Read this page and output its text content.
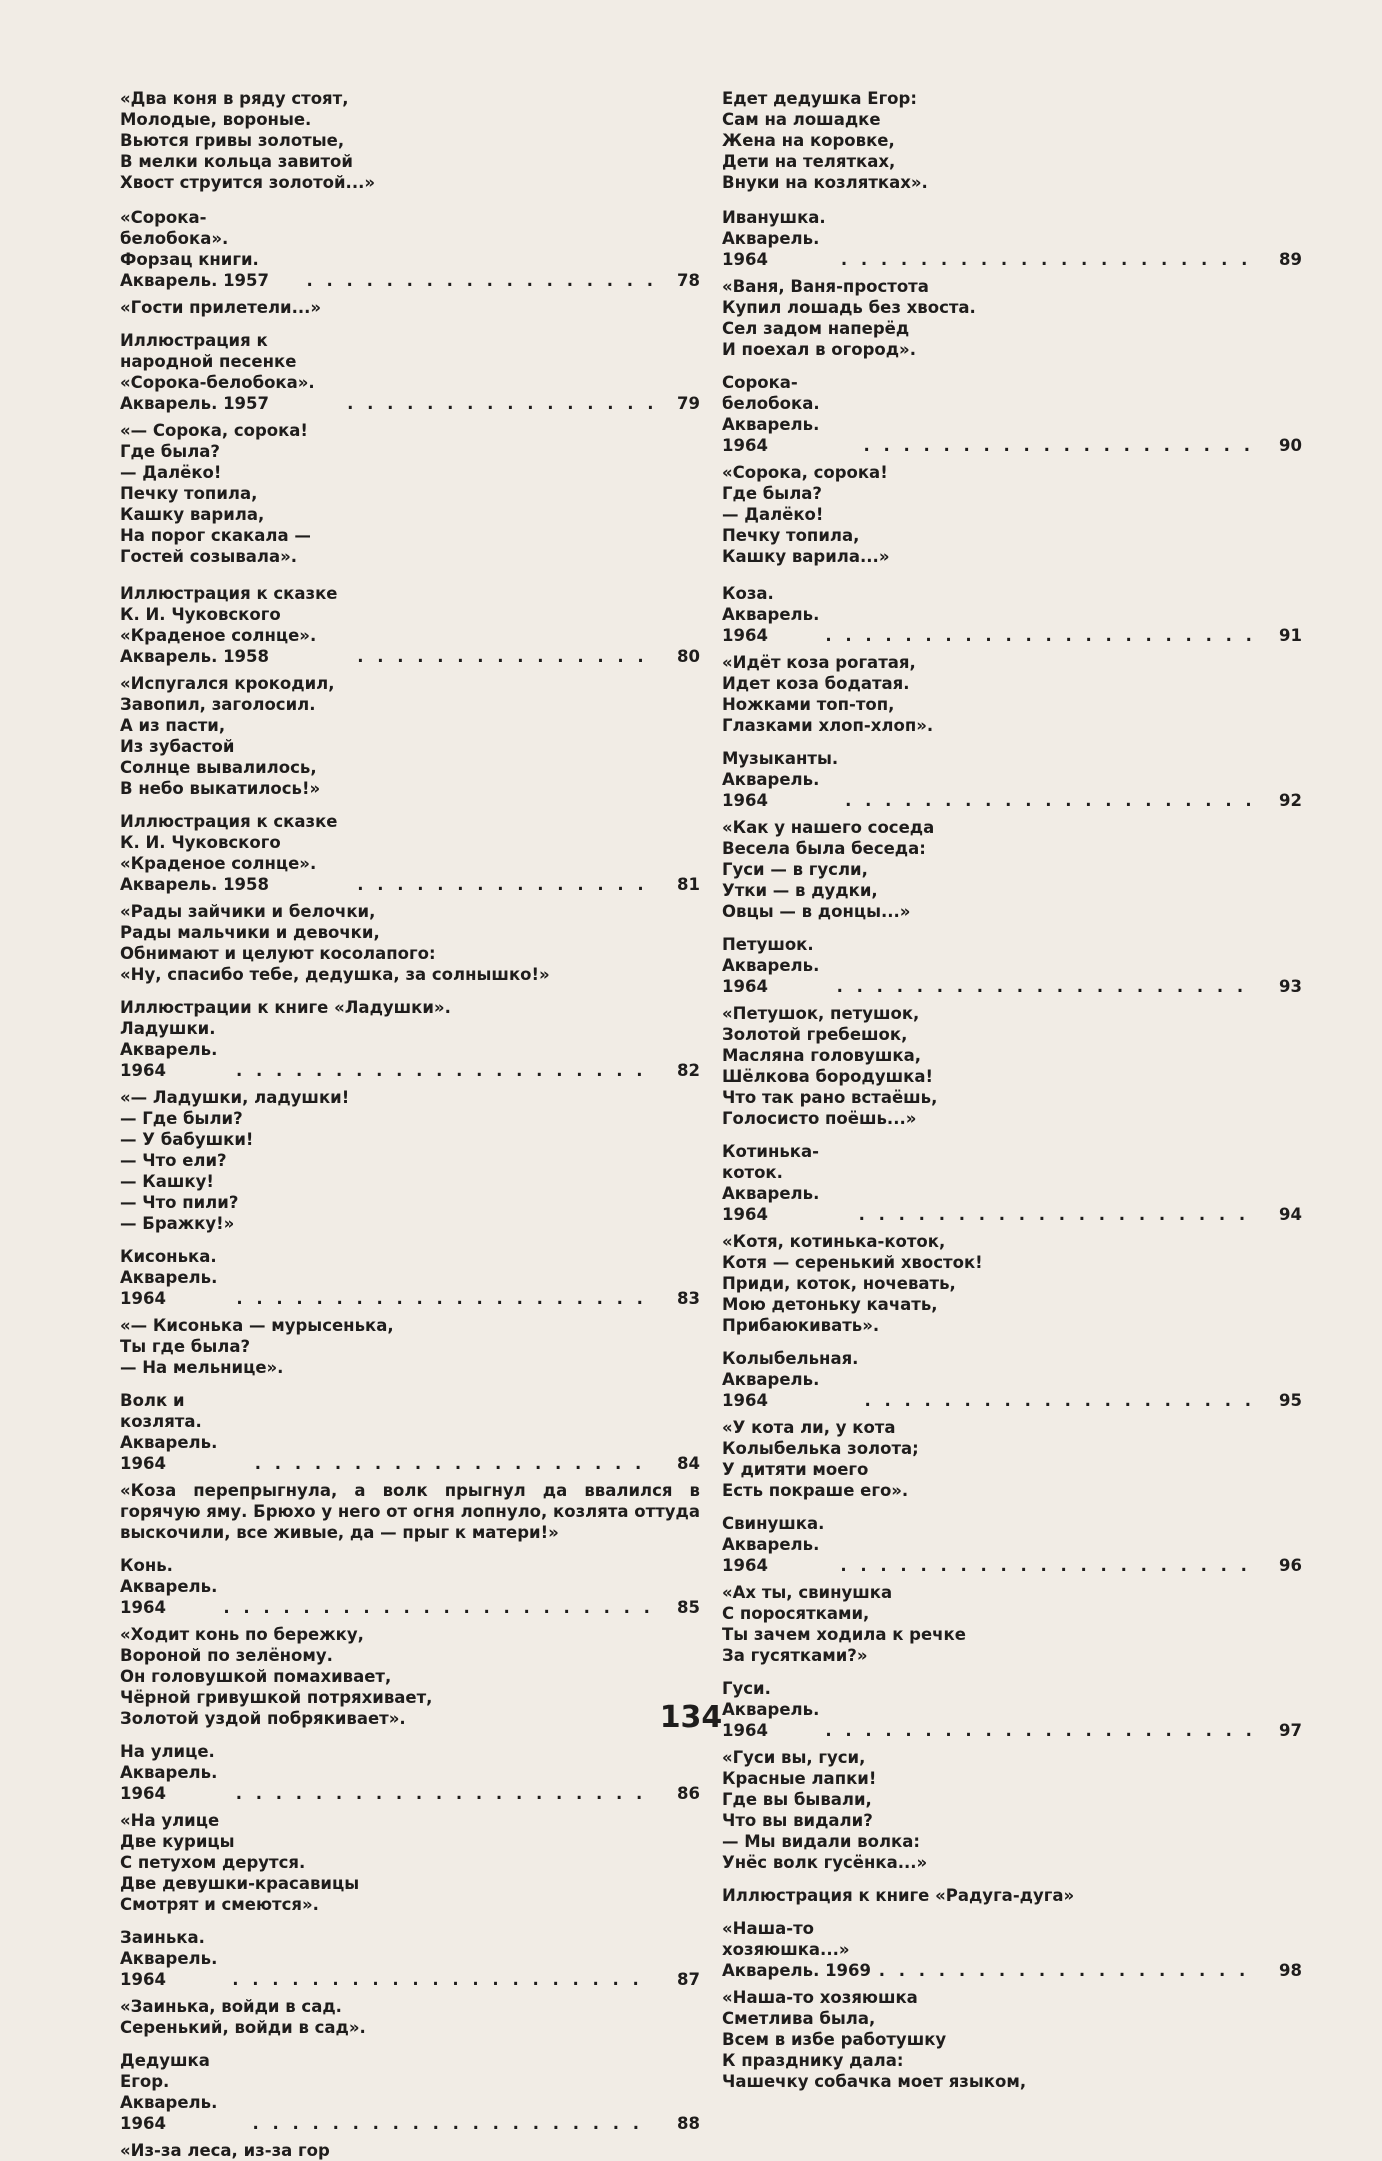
«Два коня в ряду стоят,
Молодые, вороные.
Вьются гривы золотые,
В мелки кольца завитой
Хвост струится золотой...»
«Сорока-белобока». Форзац книги. Акварель. 1957 . . .	78
«Гости прилетели...»
Иллюстрация к народной песенке «Сорока-белобока». Акварель. 1957 . . .	79
«— Сорока, сорока!
Где была?
— Далёко!
Печку топила,
Кашку варила,
На порог скакала —
Гостей созывала».
Иллюстрация к сказке К. И. Чуковского «Краденое солнце». Акварель. 1958 . . .	80
«Испугался крокодил,
Завопил, заголосил.
А из пасти,
Из зубастой
Солнце вывалилось,
В небо выкатилось!»
Иллюстрация к сказке К. И. Чуковского «Краденое солнце». Акварель. 1958 . . .	81
«Рады зайчики и белочки,
Рады мальчики и девочки,
Обнимают и целуют косолапого:
«Ну, спасибо тебе, дедушка, за солнышко!»
Иллюстрации к книге «Ладушки».
Ладушки. Акварель. 1964 . . .	82
«— Ладушки, ладушки!
— Где были?
— У бабушки!
— Что ели?
— Кашку!
— Что пили?
— Бражку!»
Кисонька. Акварель. 1964 . . .	83
«— Кисонька — мурысенька,
Ты где была?
— На мельнице».
Волк и козлята. Акварель. 1964 . . .	84
«Коза перепрыгнула, а волк прыгнул да ввалился в горячую яму. Брюхо у него от огня лопнуло, козлята оттуда выскочили, все живые, да — прыг к матери!»
Конь. Акварель. 1964 . . .	85
«Ходит конь по бережку,
Вороной по зелёному.
Он головушкой помахивает,
Чёрной гривушкой потряхивает,
Золотой уздой побрякивает».
На улице. Акварель. 1964 . . .	86
«На улице
Две курицы
С петухом дерутся.
Две девушки-красавицы
Смотрят и смеются».
Заинька. Акварель. 1964 . . .	87
«Заинька, войди в сад.
Серенький, войди в сад».
Дедушка Егор. Акварель. 1964 . . .	88
«Из-за леса, из-за гор
Едет дедушка Егор:
Сам на лошадке
Жена на коровке,
Дети на телятках,
Внуки на козлятках».
Иванушка. Акварель. 1964 . . .	89
«Ваня, Ваня-простота
Купил лошадь без хвоста.
Сел задом наперёд
И поехал в огород».
Сорока-белобока. Акварель. 1964 . . .	90
«Сорока, сорока!
Где была?
— Далёко!
Печку топила,
Кашку варила...»
Коза. Акварель. 1964 . . .	91
«Идёт коза рогатая,
Идет коза бодатая.
Ножками топ-топ,
Глазками хлоп-хлоп».
Музыканты. Акварель. 1964 . . .	92
«Как у нашего соседа
Весела была беседа:
Гуси — в гусли,
Утки — в дудки,
Овцы — в донцы...»
Петушок. Акварель. 1964 . . .	93
«Петушок, петушок,
Золотой гребешок,
Масляна головушка,
Шёлкова бородушка!
Что так рано встаёшь,
Голосисто поёшь...»
Котинька-коток. Акварель. 1964 . . .	94
«Котя, котинька-коток,
Котя — серенький хвосток!
Приди, коток, ночевать,
Мою детоньку качать,
Прибаюкивать».
Колыбельная. Акварель. 1964 . . .	95
«У кота ли, у кота
Колыбелька золота;
У дитяти моего
Есть покраше его».
Свинушка. Акварель. 1964 . . .	96
«Ах ты, свинушка
С поросятками,
Ты зачем ходила к речке
За гусятками?»
Гуси. Акварель. 1964 . . .	97
«Гуси вы, гуси,
Красные лапки!
Где вы бывали,
Что вы видали?
— Мы видали волка:
Унёс волк гусёнка...»
Иллюстрация к книге «Радуга-дуга»
«Наша-то хозяюшка...» Акварель. 1969 . . .	98
«Наша-то хозяюшка
Сметлива была,
Всем в избе работушку
К празднику дала:
Чашечку собачка моет языком,
134
